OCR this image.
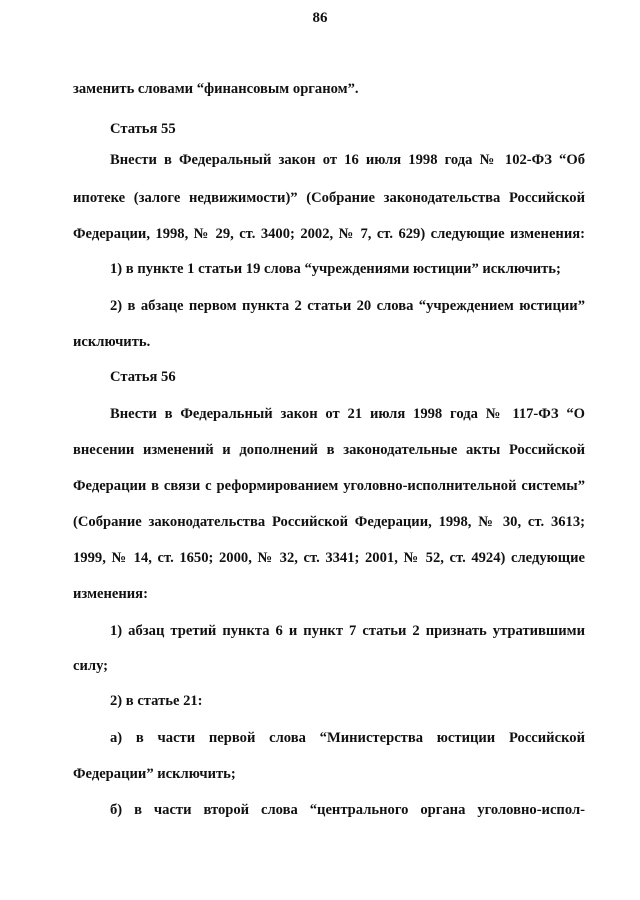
86
заменить словами “финансовым органом”.
Статья 55
Внести в Федеральный закон от 16 июля 1998 года № 102-ФЗ “Об
ипотеке (залоге недвижимости)” (Собрание законодательства Российской
Федерации, 1998, № 29, ст. 3400; 2002, № 7, ст. 629) следующие изменения:
1) в пункте 1 статьи 19 слова “учреждениями юстиции” исключить;
2) в абзаце первом пункта 2 статьи 20 слова “учреждением юстиции”
исключить.
Статья 56
Внести в Федеральный закон от 21 июля 1998 года № 117-ФЗ “О
внесении изменений и дополнений в законодательные акты Российской
Федерации в связи с реформированием уголовно-исполнительной системы”
(Собрание законодательства Российской Федерации, 1998, № 30, ст. 3613;
1999, № 14, ст. 1650; 2000, № 32, ст. 3341; 2001, № 52, ст. 4924) следующие
изменения:
1) абзац третий пункта 6 и пункт 7 статьи 2 признать утратившими
силу;
2) в статье 21:
а) в части первой слова “Министерства юстиции Российской
Федерации” исключить;
б) в части второй слова “центрального органа уголовно-испол-
